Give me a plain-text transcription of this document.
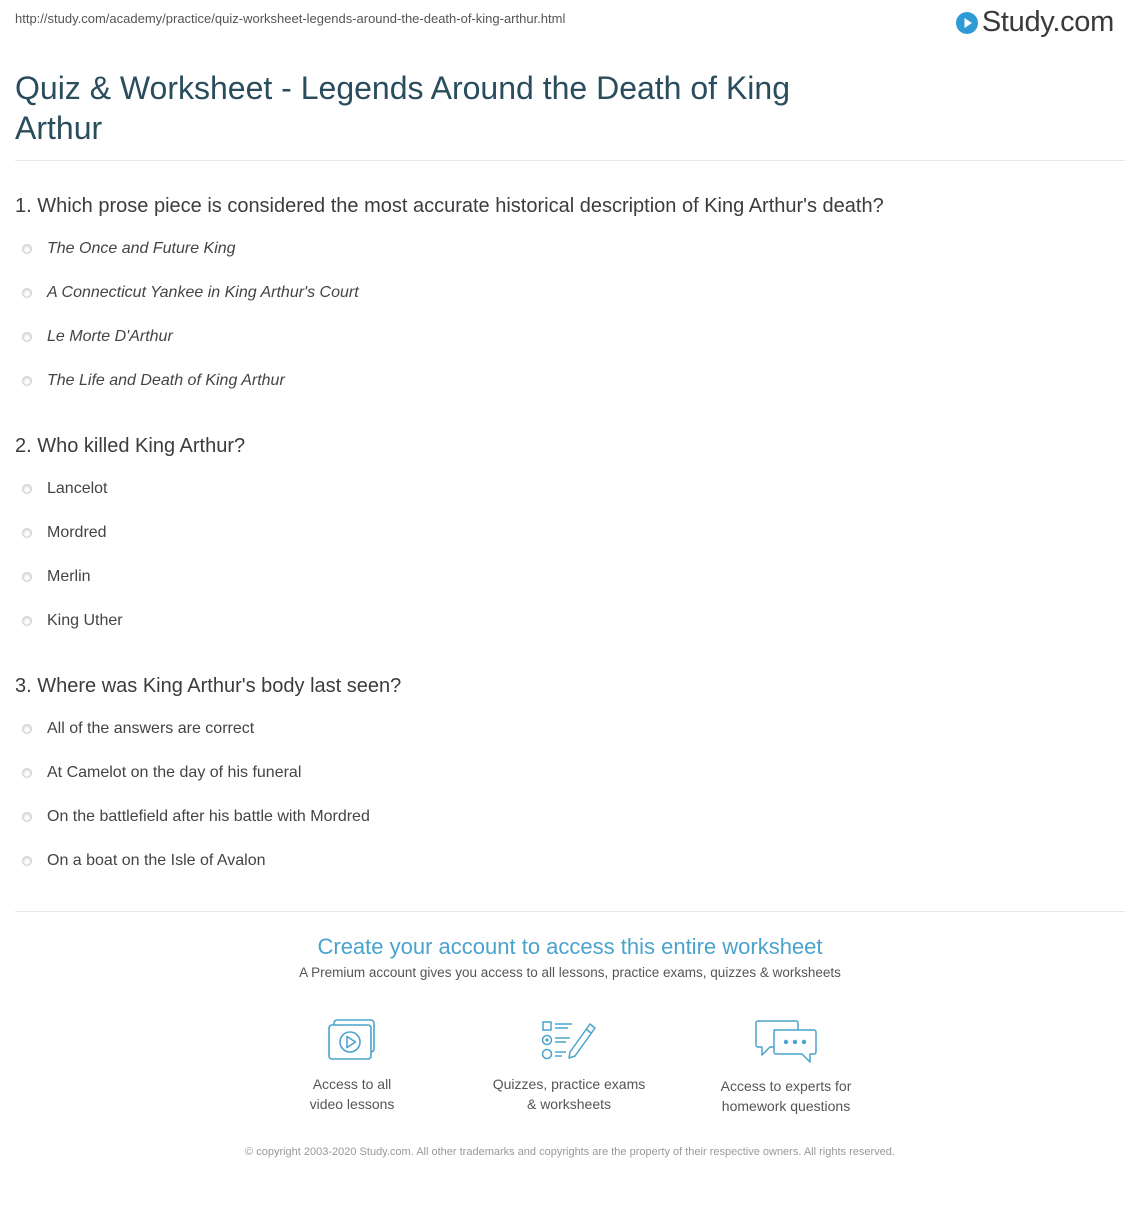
http://study.com/academy/practice/quiz-worksheet-legends-around-the-death-of-king-arthur.html	Study.com
Quiz & Worksheet - Legends Around the Death of King Arthur
1. Which prose piece is considered the most accurate historical description of King Arthur's death?
The Once and Future King
A Connecticut Yankee in King Arthur's Court
Le Morte D'Arthur
The Life and Death of King Arthur
2. Who killed King Arthur?
Lancelot
Mordred
Merlin
King Uther
3. Where was King Arthur's body last seen?
All of the answers are correct
At Camelot on the day of his funeral
On the battlefield after his battle with Mordred
On a boat on the Isle of Avalon
Create your account to access this entire worksheet
A Premium account gives you access to all lessons, practice exams, quizzes & worksheets
Access to all
video lessons
Quizzes, practice exams
& worksheets
Access to experts for
homework questions
© copyright 2003-2020 Study.com. All other trademarks and copyrights are the property of their respective owners. All rights reserved.
